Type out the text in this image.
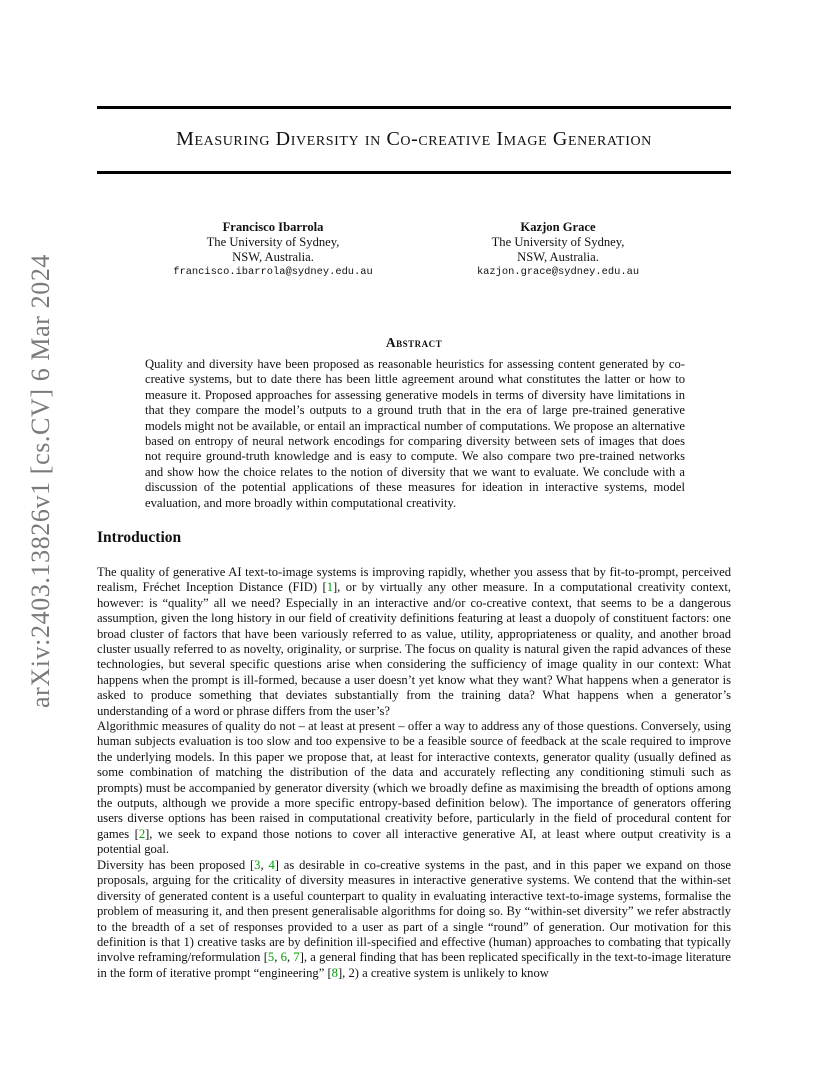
Measuring Diversity in Co-creative Image Generation
Francisco Ibarrola
The University of Sydney,
NSW, Australia.
francisco.ibarrola@sydney.edu.au
Kazjon Grace
The University of Sydney,
NSW, Australia.
kazjon.grace@sydney.edu.au
arXiv:2403.13826v1 [cs.CV] 6 Mar 2024	Abstract

Quality and diversity have been proposed as reasonable heuristics for assessing content generated by co-creative systems, but to date there has been little agreement around what constitutes the latter or how to measure it. Proposed approaches for assessing generative models in terms of diversity have limitations in that they compare the model’s outputs to a ground truth that in the era of large pre-trained generative models might not be available, or entail an impractical number of computations. We propose an alternative based on entropy of neural network encodings for comparing diversity between sets of images that does not require ground-truth knowledge and is easy to compute. We also compare two pre-trained networks and show how the choice relates to the notion of diversity that we want to evaluate. We conclude with a discussion of the potential applications of these measures for ideation in interactive systems, model evaluation, and more broadly within computational creativity.

Introduction

The quality of generative AI text-to-image systems is improving rapidly, whether you assess that by fit-to-prompt, perceived realism, Fréchet Inception Distance (FID) [1], or by virtually any other measure. In a computational creativity context, however: is “quality” all we need? Especially in an interactive and/or co-creative context, that seems to be a dangerous assumption, given the long history in our field of creativity definitions featuring at least a duopoly of constituent factors: one broad cluster of factors that have been variously referred to as value, utility, appropriateness or quality, and another broad cluster usually referred to as novelty, originality, or surprise. The focus on quality is natural given the rapid advances of these technologies, but several specific questions arise when considering the sufficiency of image quality in our context: What happens when the prompt is ill-formed, because a user doesn’t yet know what they want? What happens when a generator is asked to produce something that deviates substantially from the training data? What happens when a generator’s understanding of a word or phrase differs from the user’s?

Algorithmic measures of quality do not – at least at present – offer a way to address any of those questions. Conversely, using human subjects evaluation is too slow and too expensive to be a feasible source of feedback at the scale required to improve the underlying models. In this paper we propose that, at least for interactive contexts, generator quality (usually defined as some combination of matching the distribution of the data and accurately reflecting any conditioning stimuli such as prompts) must be accompanied by generator diversity (which we broadly define as maximising the breadth of options among the outputs, although we provide a more specific entropy-based definition below). The importance of generators offering users diverse options has been raised in computational creativity before, particularly in the field of procedural content for games [2], we seek to expand those notions to cover all interactive generative AI, at least where output creativity is a potential goal.

Diversity has been proposed [3, 4] as desirable in co-creative systems in the past, and in this paper we expand on those proposals, arguing for the criticality of diversity measures in interactive generative systems. We contend that the within-set diversity of generated content is a useful counterpart to quality in evaluating interactive text-to-image systems, formalise the problem of measuring it, and then present generalisable algorithms for doing so. By “within-set diversity” we refer abstractly to the breadth of a set of responses provided to a user as part of a single “round” of generation. Our motivation for this definition is that 1) creative tasks are by definition ill-specified and effective (human) approaches to combating that typically involve reframing/reformulation [5, 6, 7], a general finding that has been replicated specifically in the text-to-image literature in the form of iterative prompt “engineering” [8], 2) a creative system is unlikely to know
